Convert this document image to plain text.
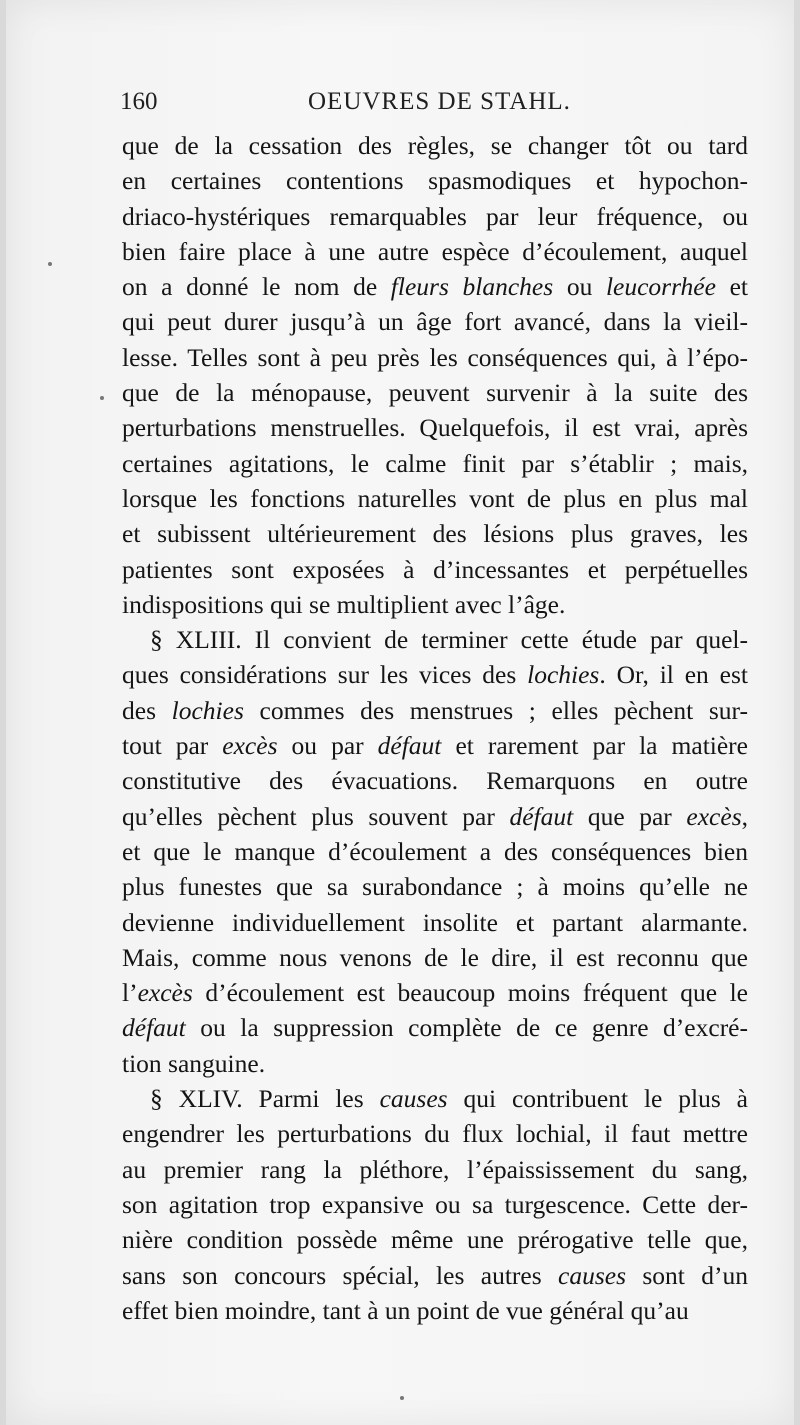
160	OEUVRES DE STAHL.
que de la cessation des règles, se changer tôt ou tard
en certaines contentions spasmodiques et hypochon-
driaco-hystériques remarquables par leur fréquence, ou
bien faire place à une autre espèce d’écoulement, auquel
on a donné le nom de fleurs blanches ou leucorrhée et
qui peut durer jusqu’à un âge fort avancé, dans la vieil-
lesse. Telles sont à peu près les conséquences qui, à l’épo-
que de la ménopause, peuvent survenir à la suite des
perturbations menstruelles. Quelquefois, il est vrai, après
certaines agitations, le calme finit par s’établir ; mais,
lorsque les fonctions naturelles vont de plus en plus mal
et subissent ultérieurement des lésions plus graves, les
patientes sont exposées à d’incessantes et perpétuelles
indispositions qui se multiplient avec l’âge.
§ XLIII. Il convient de terminer cette étude par quel-
ques considérations sur les vices des lochies. Or, il en est
des lochies commes des menstrues ; elles pèchent sur-
tout par excès ou par défaut et rarement par la matière
constitutive des évacuations. Remarquons en outre
qu’elles pèchent plus souvent par défaut que par excès,
et que le manque d’écoulement a des conséquences bien
plus funestes que sa surabondance ; à moins qu’elle ne
devienne individuellement insolite et partant alarmante.
Mais, comme nous venons de le dire, il est reconnu que
l’excès d’écoulement est beaucoup moins fréquent que le
défaut ou la suppression complète de ce genre d’excré-
tion sanguine.
§ XLIV. Parmi les causes qui contribuent le plus à
engendrer les perturbations du flux lochial, il faut mettre
au premier rang la pléthore, l’épaississement du sang,
son agitation trop expansive ou sa turgescence. Cette der-
nière condition possède même une prérogative telle que,
sans son concours spécial, les autres causes sont d’un
effet bien moindre, tant à un point de vue général qu’au
